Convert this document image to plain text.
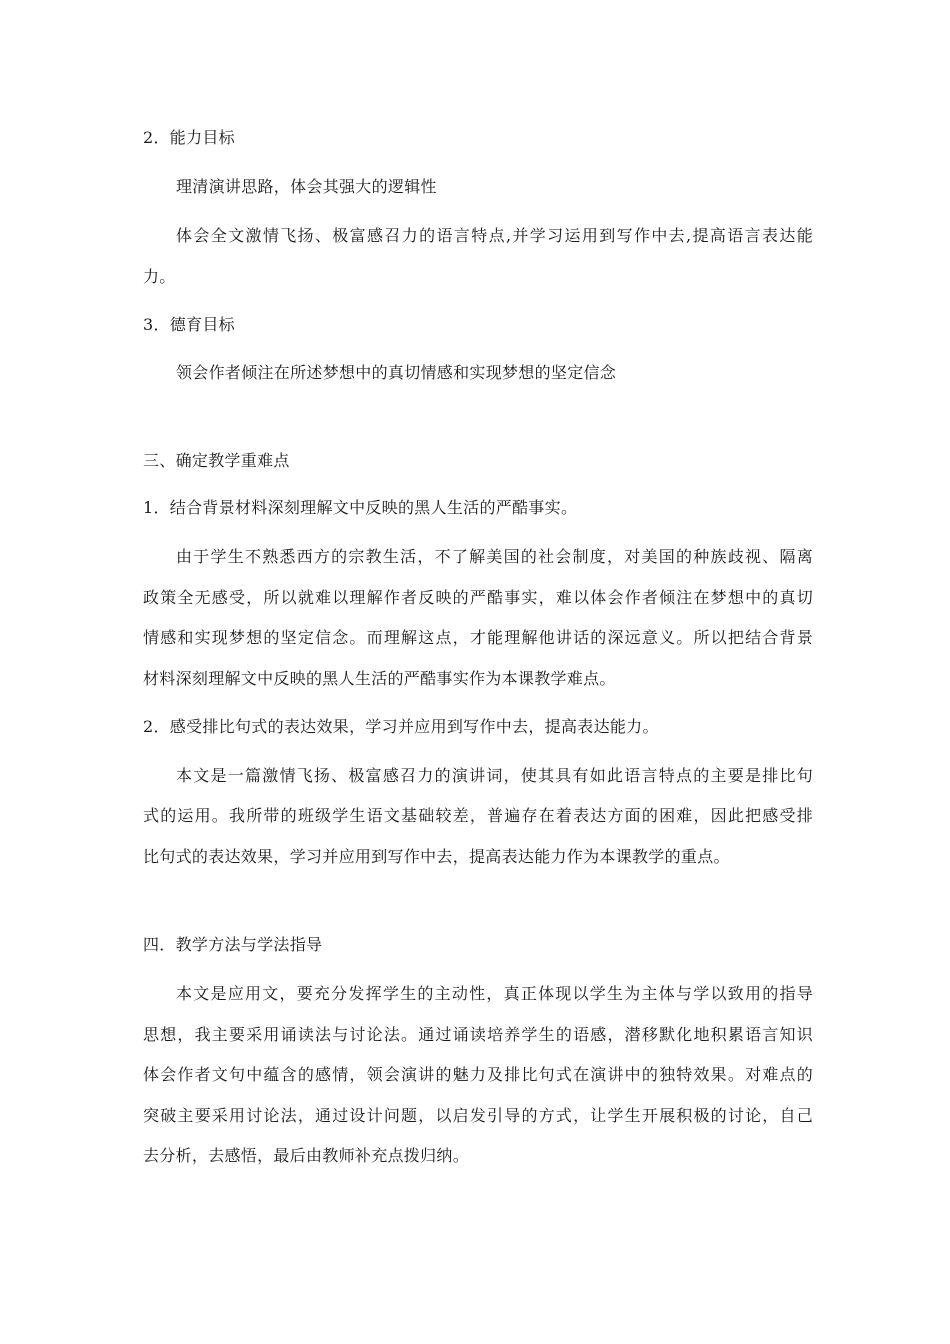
2．能力目标
理清演讲思路，体会其强大的逻辑性
体会全文激情飞扬、极富感召力的语言特点,并学习运用到写作中去,提高语言表达能
力。
3．德育目标
领会作者倾注在所述梦想中的真切情感和实现梦想的坚定信念
三、确定教学重难点
1．结合背景材料深刻理解文中反映的黑人生活的严酷事实。
由于学生不熟悉西方的宗教生活，不了解美国的社会制度，对美国的种族歧视、隔离
政策全无感受，所以就难以理解作者反映的严酷事实，难以体会作者倾注在梦想中的真切
情感和实现梦想的坚定信念。而理解这点，才能理解他讲话的深远意义。所以把结合背景
材料深刻理解文中反映的黑人生活的严酷事实作为本课教学难点。
2．感受排比句式的表达效果，学习并应用到写作中去，提高表达能力。
本文是一篇激情飞扬、极富感召力的演讲词，使其具有如此语言特点的主要是排比句
式的运用。我所带的班级学生语文基础较差，普遍存在着表达方面的困难，因此把感受排
比句式的表达效果，学习并应用到写作中去，提高表达能力作为本课教学的重点。
四．教学方法与学法指导
本文是应用文，要充分发挥学生的主动性，真正体现以学生为主体与学以致用的指导
思想，我主要采用诵读法与讨论法。通过诵读培养学生的语感，潜移默化地积累语言知识
体会作者文句中蕴含的感情，领会演讲的魅力及排比句式在演讲中的独特效果。对难点的
突破主要采用讨论法，通过设计问题，以启发引导的方式，让学生开展积极的讨论，自己
去分析，去感悟，最后由教师补充点拨归纳。
